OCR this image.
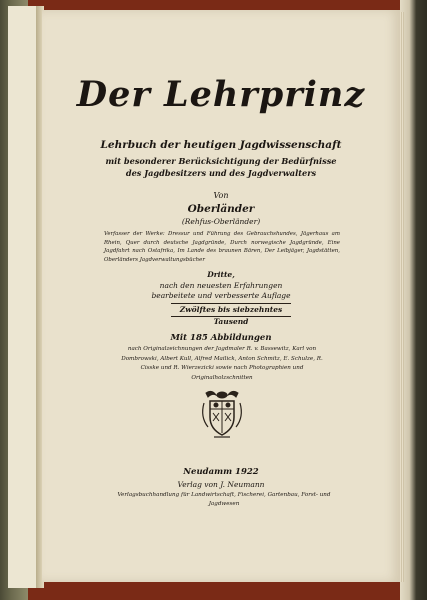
Der Lehrprinz
Lehrbuch der heutigen Jagdwissenschaft
mit besonderer Berücksichtigung der Bedürfnisse
des Jagdbesitzers und des Jagdverwalters
Von
Oberländer
(Rehfus-Oberländer)
Verfasser der Werke: Dressur und Führung des Gebrauchshundes, Jägerhaus am Rhein, Quer durch deutsche Jagdgründe, Durch norwegische Jagdgründe, Eine Jagdfahrt nach Ostafrika, Im Lande des braunen Bären, Der Leibjäger, Jagdstätten, Oberländers Jagdverwaltungsbücher
Dritte,
nach den neuesten Erfahrungen
bearbeitete und verbesserte Auflage
Zwölftes bis siebzehntes Tausend
Mit 185 Abbildungen
nach Originalzeichnungen der Jagdmaler R. v. Bassewitz, Karl von Dombrowski, Albert Kull, Alfred Mailick, Anton Schmitz, E. Schulze, R. Cisske und R. Wierzezicki sowie nach Photographien und Originalholzschnitten
Neudamm 1922
Verlag von J. Neumann
Verlagsbuchhandlung für Landwirtschaft, Fischerei, Gartenbau, Forst- und Jagdwesen
